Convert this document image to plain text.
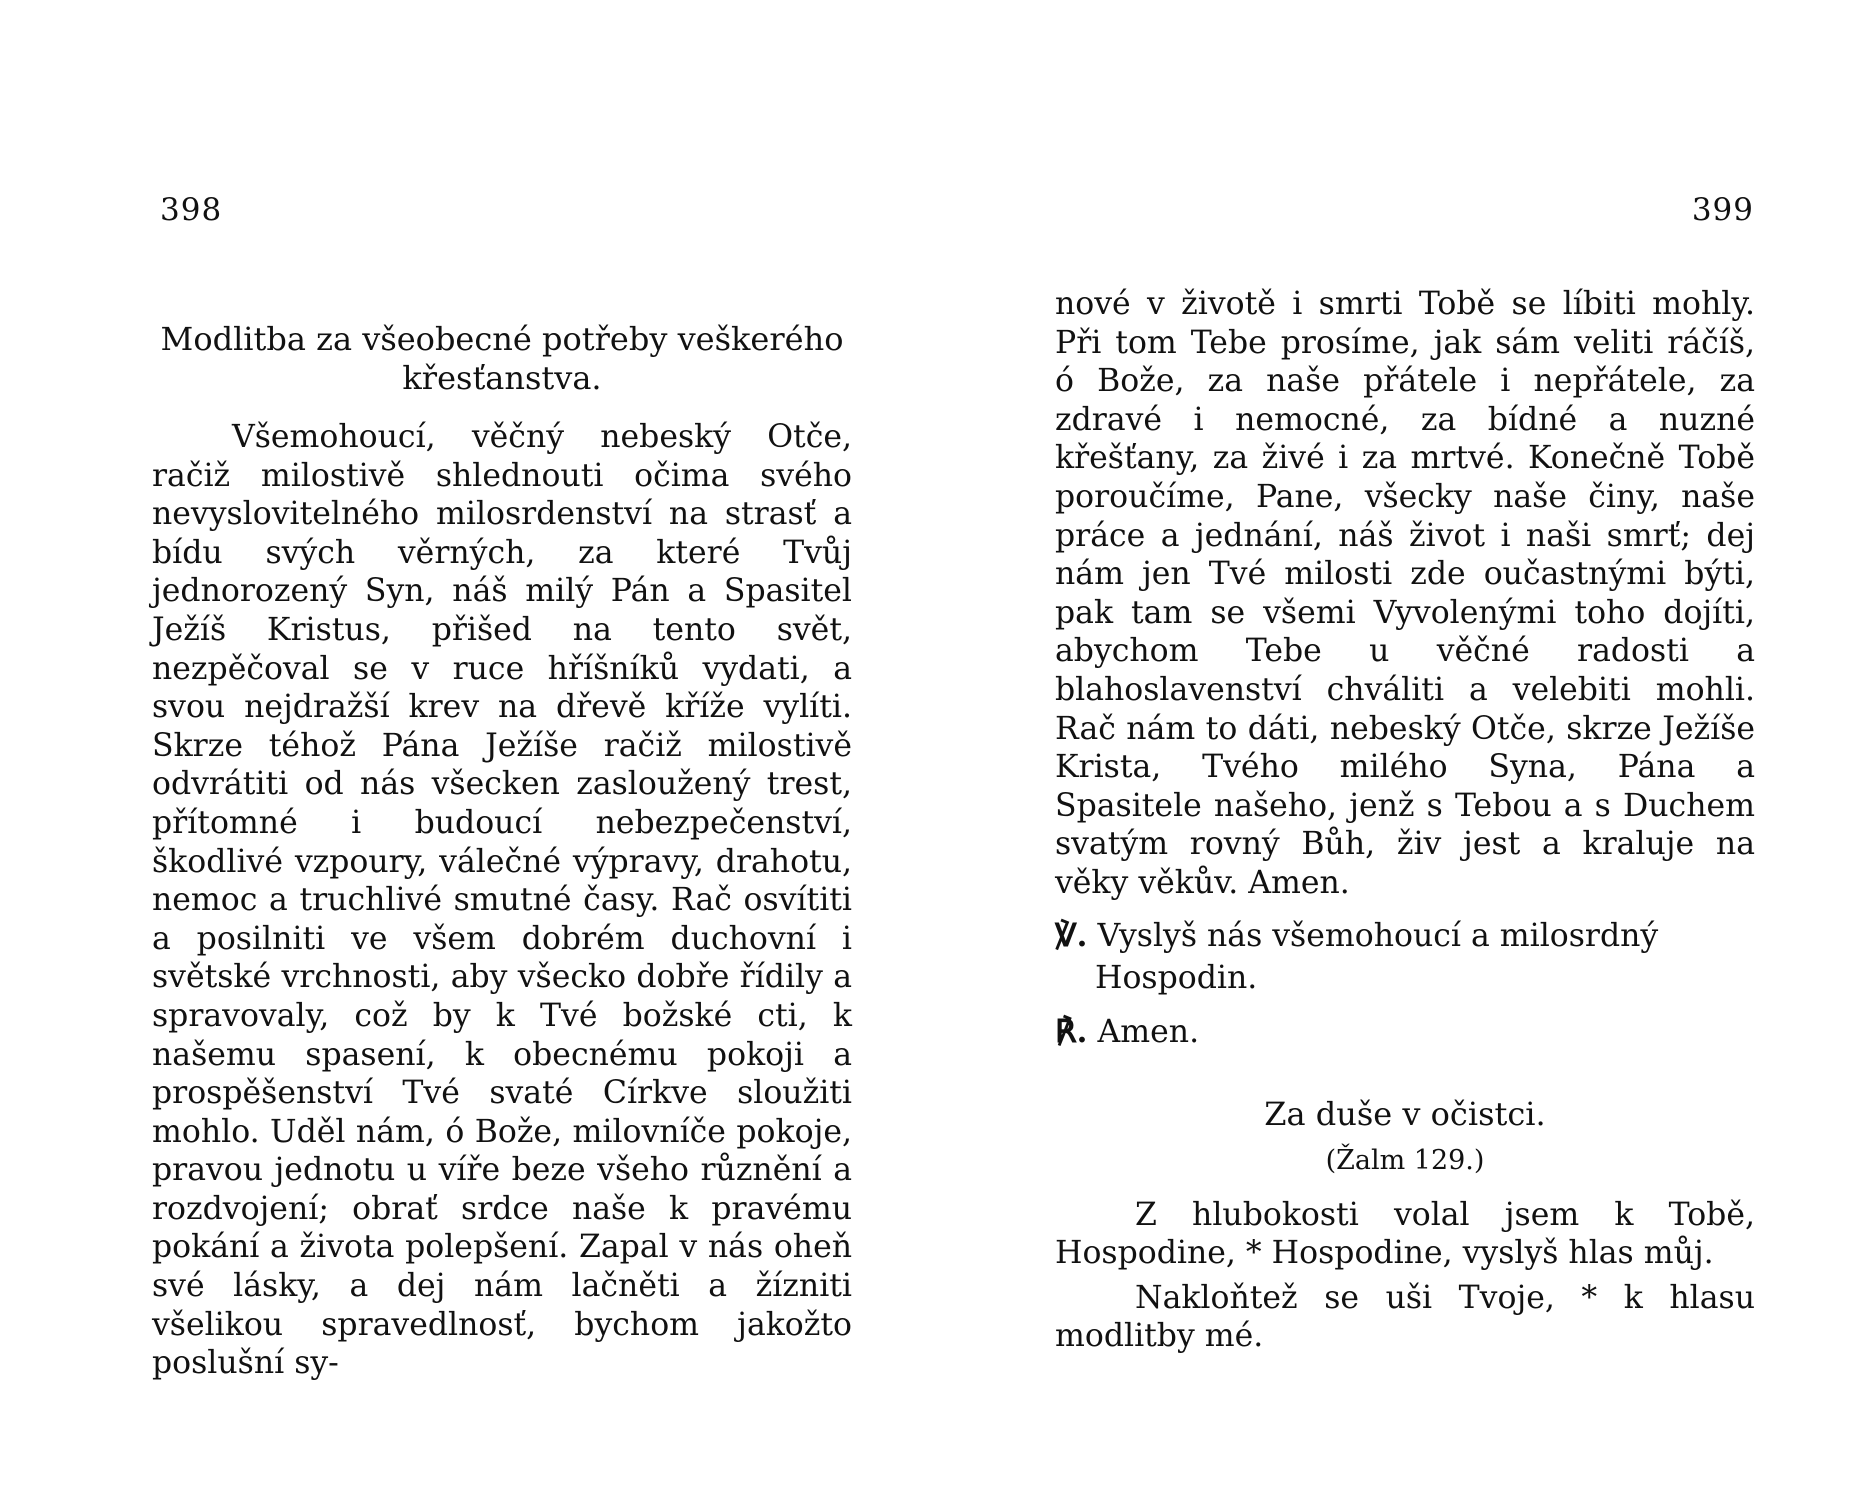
398
Modlitba za všeobecné potřeby veškerého křesťanstva.

Všemohoucí, věčný nebeský Otče, račiž milostivě shlednouti očima svého nevyslovitelného milosrdenství na strasť a bídu svých věrných, za které Tvůj jednorozený Syn, náš milý Pán a Spasitel Ježíš Kristus, přišed na tento svět, nezpěčoval se v ruce hříšníků vydati, a svou nejdražší krev na dřevě kříže vylíti. Skrze téhož Pána Ježíše račiž milostivě odvrátiti od nás všecken zasloužený trest, přítomné i budoucí nebezpečenství, škodlivé vzpoury, válečné výpravy, drahotu, nemoc a truchlivé smutné časy. Rač osvítiti a posilniti ve všem dobrém duchovní i světské vrchnosti, aby všecko dobře řídily a spravovaly, což by k Tvé božské cti, k našemu spasení, k obecnému pokoji a prospěšenství Tvé svaté Církve sloužiti mohlo. Uděl nám, ó Bože, milovníče pokoje, pravou jednotu u víře beze všeho různění a rozdvojení; obrať srdce naše k pravému pokání a života polepšení. Zapal v nás oheň své lásky, a dej nám lačněti a žízniti všelikou spravedlnosť, bychom jakožto poslušní sy-

399

nové v životě i smrti Tobě se líbiti mohly. Při tom Tebe prosíme, jak sám veliti ráčíš, ó Bože, za naše přátele i nepřátele, za zdravé i nemocné, za bídné a nuzné křešťany, za živé i za mrtvé. Konečně Tobě poroučíme, Pane, všecky naše činy, naše práce a jednání, náš život i naši smrť; dej nám jen Tvé milosti zde oučastnými býti, pak tam se všemi Vyvolenými toho dojíti, abychom Tebe u věčné radosti a blahoslavenství chváliti a velebiti mohli. Rač nám to dáti, nebeský Otče, skrze Ježíše Krista, Tvého milého Syna, Pána a Spasitele našeho, jenž s Tebou a s Duchem svatým rovný Bůh, živ jest a kraluje na věky věkův. Amen.

℣. Vyslyš nás všemohoucí a milosrdný Hospodin.

℟. Amen.

Za duše v očistci.
(Žalm 129.)

Z hlubokosti volal jsem k Tobě, Hospodine, * Hospodine, vyslyš hlas můj.

Nakloňtež se uši Tvoje, * k hlasu modlitby mé.
